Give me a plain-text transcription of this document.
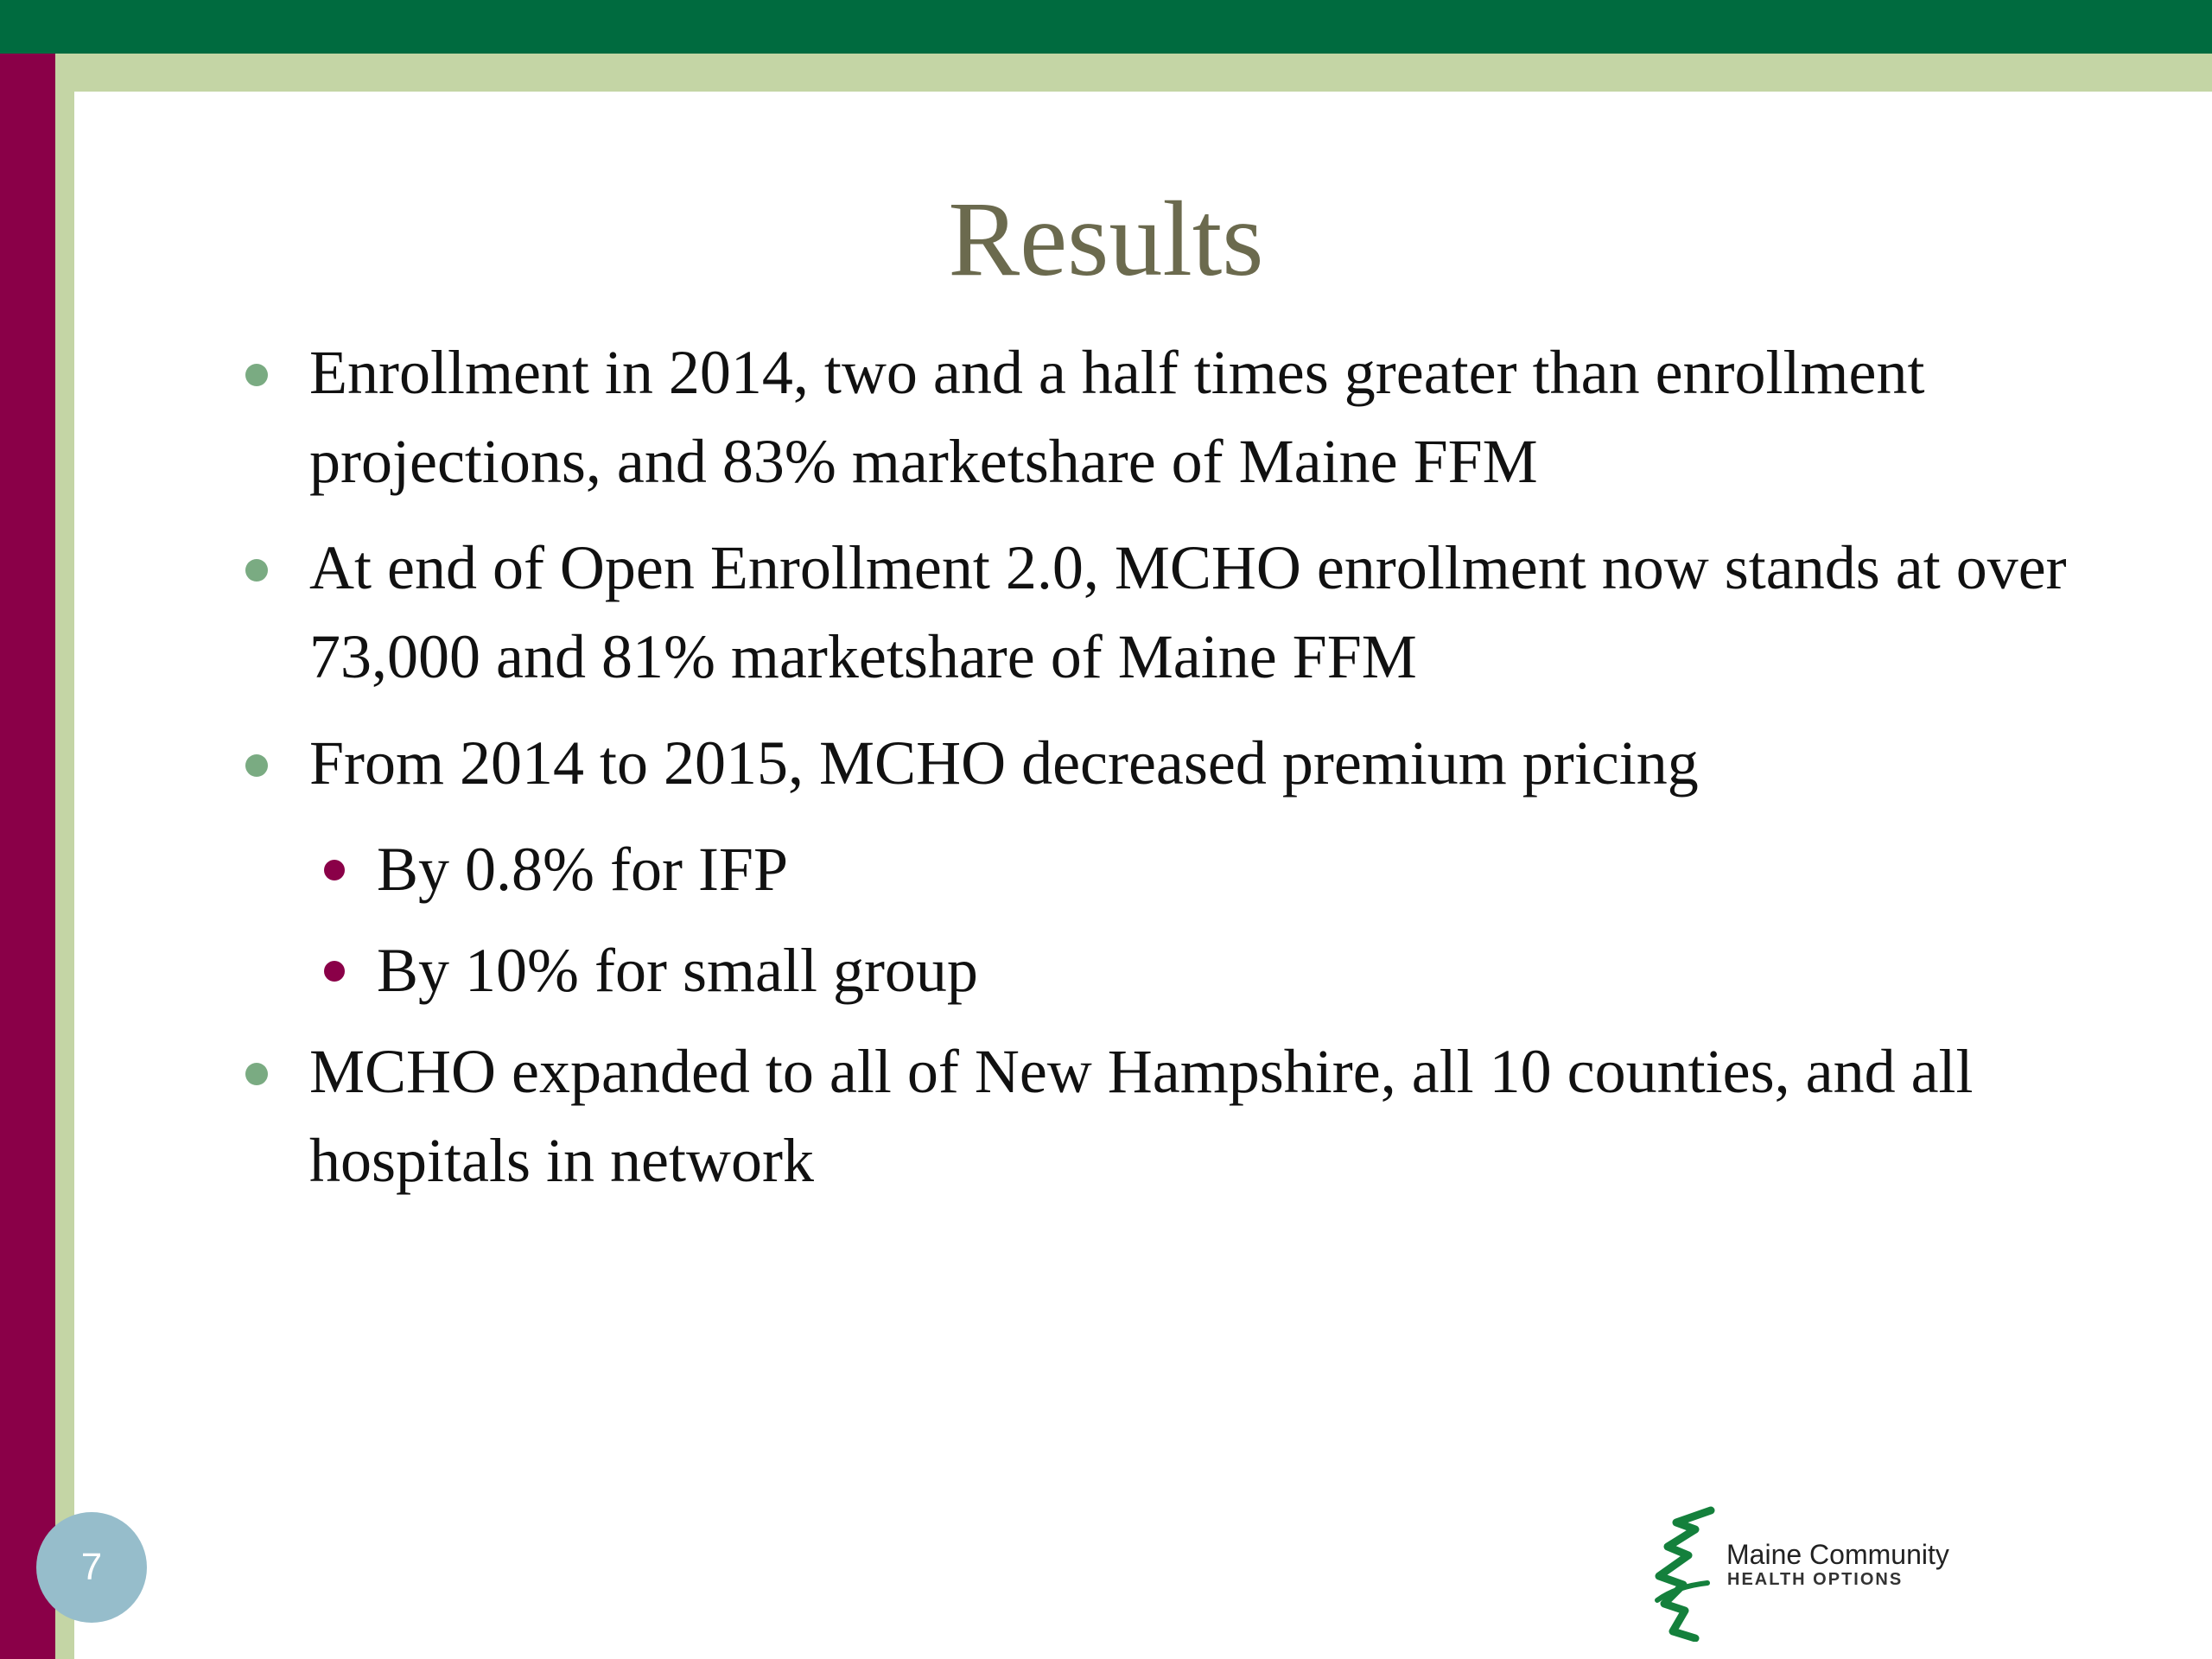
Results
Enrollment in 2014, two and a half times greater than enrollment projections, and 83% marketshare of Maine FFM
At end of Open Enrollment 2.0, MCHO enrollment now stands at over 73,000 and 81% marketshare of Maine FFM
From 2014 to 2015, MCHO decreased premium pricing
By 0.8% for IFP
By 10% for small group
MCHO expanded to all of New Hampshire, all 10 counties, and all hospitals in network
7	Maine Community
HEALTH OPTIONS
